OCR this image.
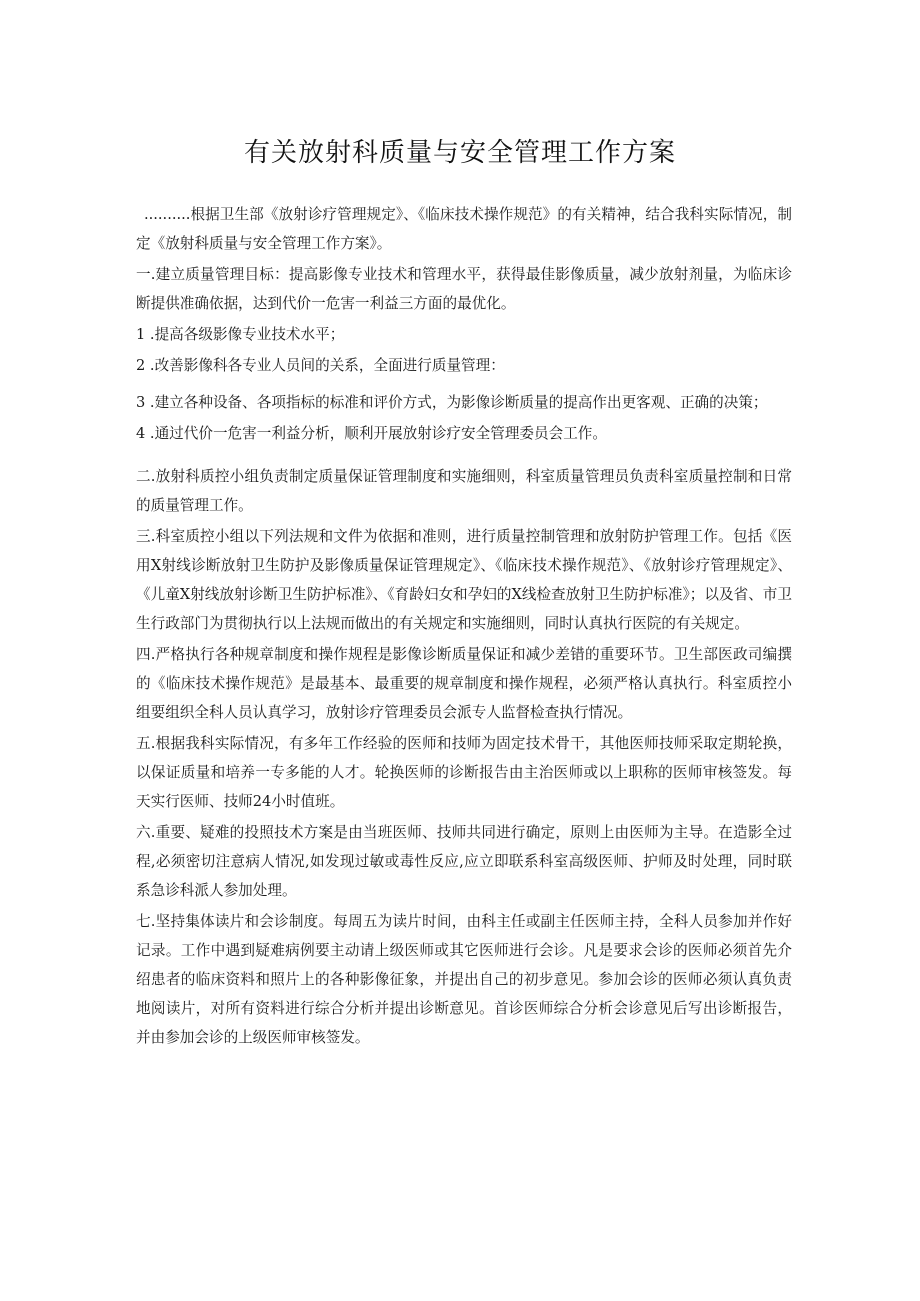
有关放射科质量与安全管理工作方案

..........根据卫生部《放射诊疗管理规定》、《临床技术操作规范》的有关精神，结合我科实际情况，制定《放射科质量与安全管理工作方案》。

一.建立质量管理目标：提高影像专业技术和管理水平，获得最佳影像质量，减少放射剂量，为临床诊断提供准确依据，达到代价一危害一利益三方面的最优化。

1 .提高各级影像专业技术水平；

2 .改善影像科各专业人员间的关系，全面进行质量管理：

3 .建立各种设备、各项指标的标准和评价方式，为影像诊断质量的提高作出更客观、正确的决策；

4 .通过代价一危害一利益分析，顺利开展放射诊疗安全管理委员会工作。

二.放射科质控小组负责制定质量保证管理制度和实施细则，科室质量管理员负责科室质量控制和日常的质量管理工作。

三.科室质控小组以下列法规和文件为依据和准则，进行质量控制管理和放射防护管理工作。包括《医用X射线诊断放射卫生防护及影像质量保证管理规定》、《临床技术操作规范》、《放射诊疗管理规定》、《儿童X射线放射诊断卫生防护标准》、《育龄妇女和孕妇的X线检查放射卫生防护标准》；以及省、市卫生行政部门为贯彻执行以上法规而做出的有关规定和实施细则，同时认真执行医院的有关规定。

四.严格执行各种规章制度和操作规程是影像诊断质量保证和减少差错的重要环节。卫生部医政司编撰的《临床技术操作规范》是最基本、最重要的规章制度和操作规程，必须严格认真执行。科室质控小组要组织全科人员认真学习，放射诊疗管理委员会派专人监督检查执行情况。

五.根据我科实际情况，有多年工作经验的医师和技师为固定技术骨干，其他医师技师采取定期轮换，以保证质量和培养一专多能的人才。轮换医师的诊断报告由主治医师或以上职称的医师审核签发。每天实行医师、技师24小时值班。

六.重要、疑难的投照技术方案是由当班医师、技师共同进行确定，原则上由医师为主导。在造影全过程,必须密切注意病人情况,如发现过敏或毒性反应,应立即联系科室高级医师、护师及时处理，同时联系急诊科派人参加处理。

七.坚持集体读片和会诊制度。每周五为读片时间，由科主任或副主任医师主持，全科人员参加并作好记录。工作中遇到疑难病例要主动请上级医师或其它医师进行会诊。凡是要求会诊的医师必须首先介绍患者的临床资料和照片上的各种影像征象，并提出自己的初步意见。参加会诊的医师必须认真负责地阅读片，对所有资料进行综合分析并提出诊断意见。首诊医师综合分析会诊意见后写出诊断报告，并由参加会诊的上级医师审核签发。
